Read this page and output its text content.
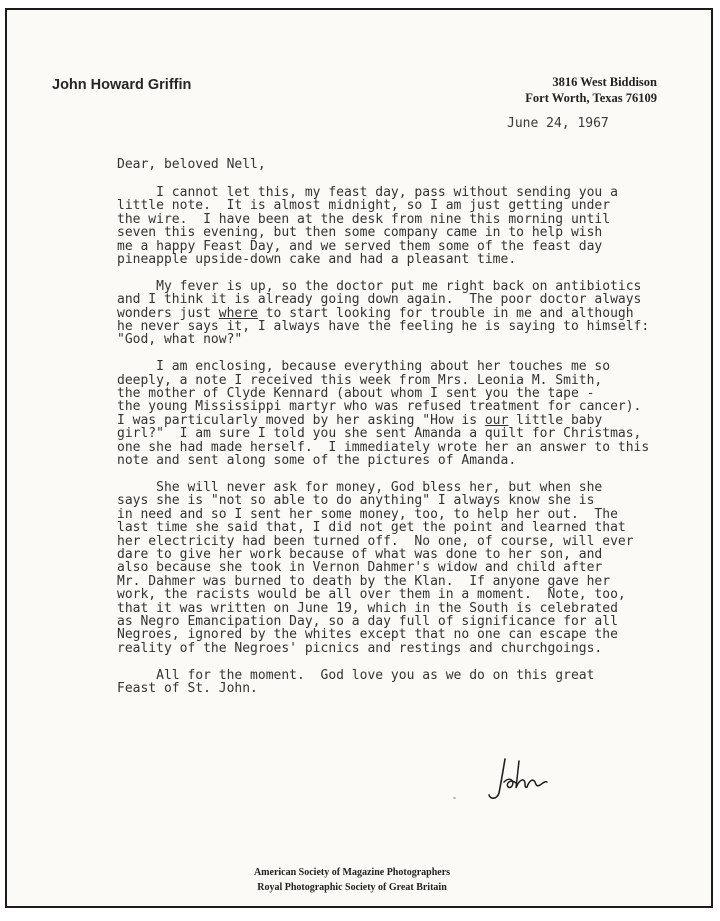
John Howard Griffin	3816 West Biddison
Fort Worth, Texas 76109
June 24, 1967
Dear, beloved Nell,
I cannot let this, my feast day, pass without sending you a
little note.  It is almost midnight, so I am just getting under
the wire.  I have been at the desk from nine this morning until
seven this evening, but then some company came in to help wish
me a happy Feast Day, and we served them some of the feast day
pineapple upside-down cake and had a pleasant time.
My fever is up, so the doctor put me right back on antibiotics
and I think it is already going down again.  The poor doctor always
wonders just where to start looking for trouble in me and although
he never says it, I always have the feeling he is saying to himself:
"God, what now?"
I am enclosing, because everything about her touches me so
deeply, a note I received this week from Mrs. Leonia M. Smith,
the mother of Clyde Kennard (about whom I sent you the tape -
the young Mississippi martyr who was refused treatment for cancer).
I was particularly moved by her asking "How is our little baby
girl?"  I am sure I told you she sent Amanda a quilt for Christmas,
one she had made herself.  I immediately wrote her an answer to this
note and sent along some of the pictures of Amanda.
She will never ask for money, God bless her, but when she
says she is "not so able to do anything" I always know she is
in need and so I sent her some money, too, to help her out.  The
last time she said that, I did not get the point and learned that
her electricity had been turned off.  No one, of course, will ever
dare to give her work because of what was done to her son, and
also because she took in Vernon Dahmer's widow and child after
Mr. Dahmer was burned to death by the Klan.  If anyone gave her
work, the racists would be all over them in a moment.  Note, too,
that it was written on June 19, which in the South is celebrated
as Negro Emancipation Day, so a day full of significance for all
Negroes, ignored by the whites except that no one can escape the
reality of the Negroes' picnics and restings and churchgoings.
All for the moment.  God love you as we do on this great
Feast of St. John.
American Society of Magazine Photographers
Royal Photographic Society of Great Britain
